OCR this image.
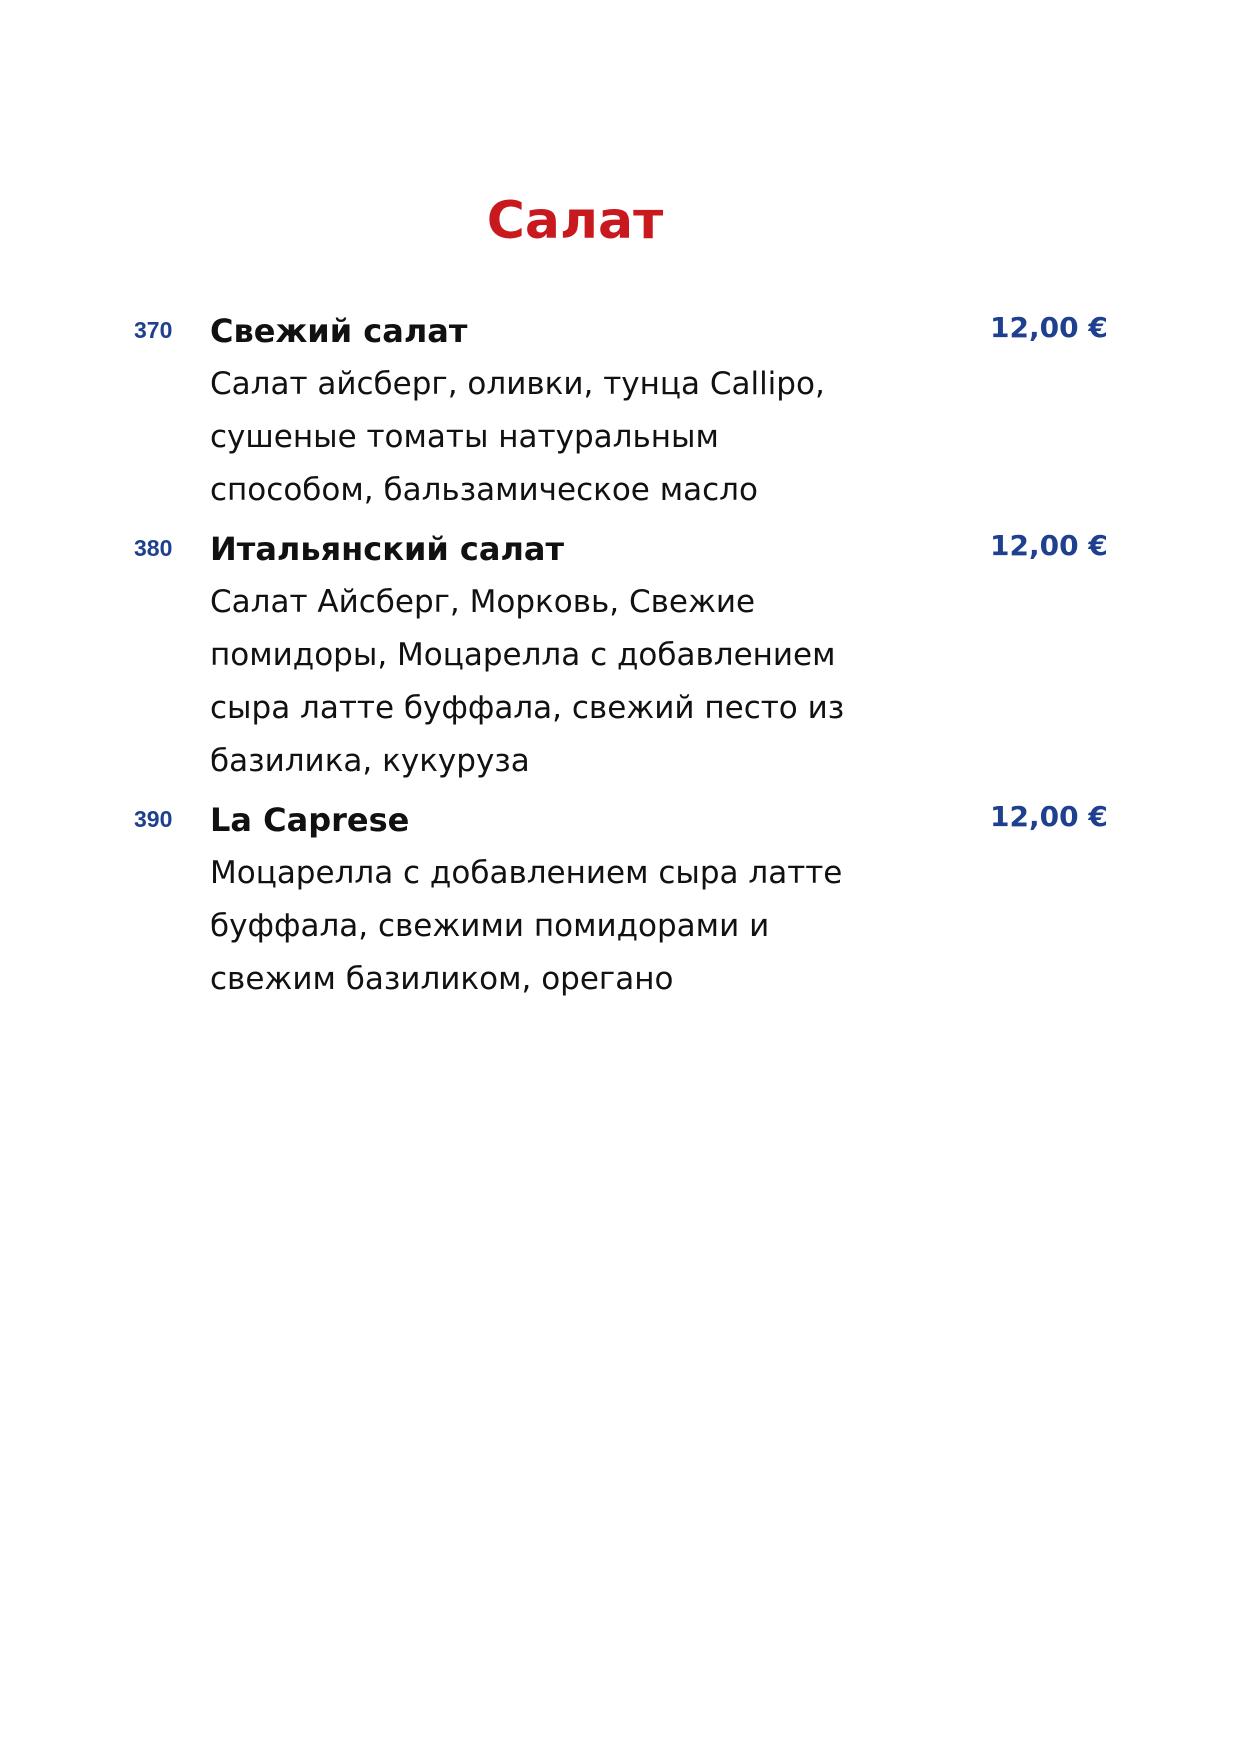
Салат
370 Свежий салат
Салат айсберг, оливки, тунца Callipo,
сушеные томаты натуральным
способом, бальзамическое масло
12,00 €
380 Итальянский салат
Салат Айсберг, Морковь, Свежие
помидоры, Моцарелла с добавлением
сыра латте буффала, свежий песто из
базилика, кукуруза
12,00 €
390 La Caprese
Моцарелла с добавлением сыра латте
буффала, свежими помидорами и
свежим базиликом, орегано
12,00 €
